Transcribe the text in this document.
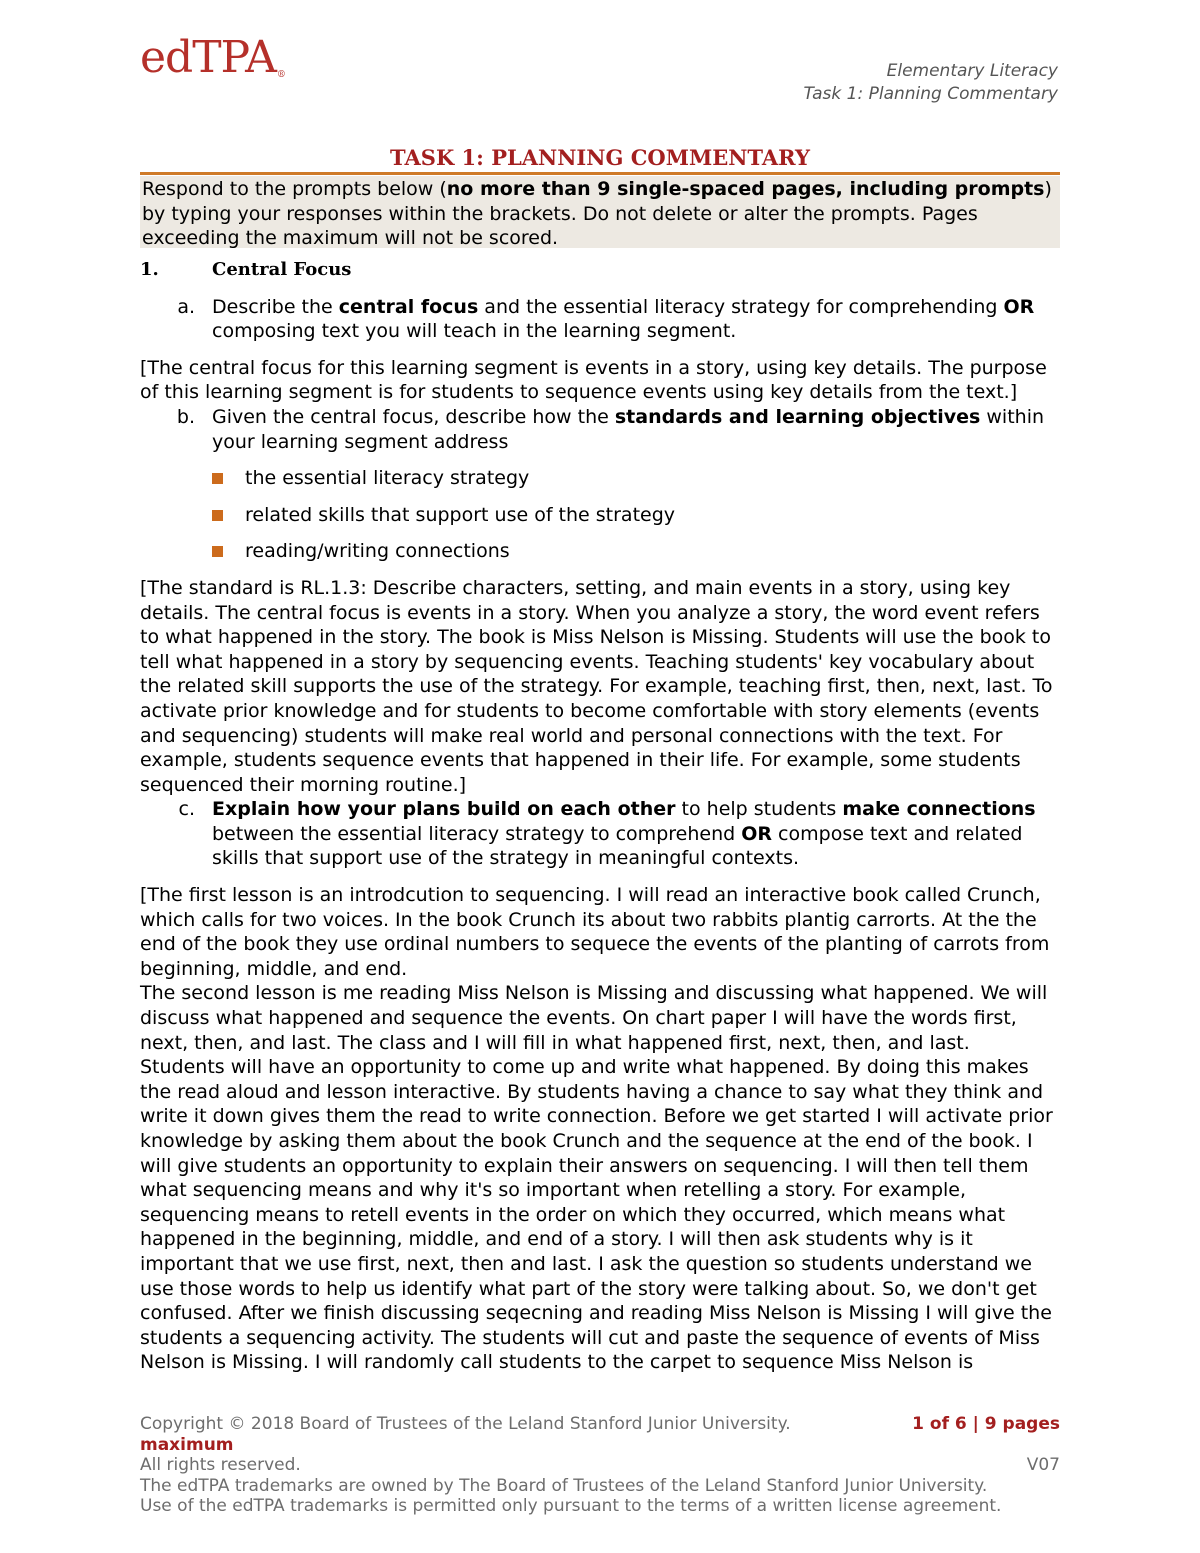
edTPA®	Elementary Literacy
Task 1: Planning Commentary
TASK 1: PLANNING COMMENTARY

Respond to the prompts below (no more than 9 single-spaced pages, including prompts) by typing your responses within the brackets. Do not delete or alter the prompts. Pages exceeding the maximum will not be scored.

1.	Central Focus
a. Describe the central focus and the essential literacy strategy for comprehending OR composing text you will teach in the learning segment.

[The central focus for this learning segment is events in a story, using key details. The purpose of this learning segment is for students to sequence events using key details from the text.]

b. Given the central focus, describe how the standards and learning objectives within your learning segment address
the essential literacy strategy
related skills that support use of the strategy
reading/writing connections

[The standard is RL.1.3: Describe characters, setting, and main events in a story, using key details. The central focus is events in a story. When you analyze a story, the word event refers to what happened in the story. The book is Miss Nelson is Missing. Students will use the book to tell what happened in a story by sequencing events. Teaching students' key vocabulary about the related skill supports the use of the strategy. For example, teaching first, then, next, last. To activate prior knowledge and for students to become comfortable with story elements (events and sequencing) students will make real world and personal connections with the text. For example, students sequence events that happened in their life. For example, some students sequenced their morning routine.]

c. Explain how your plans build on each other to help students make connections between the essential literacy strategy to comprehend OR compose text and related skills that support use of the strategy in meaningful contexts.

[The first lesson is an introdcution to sequencing. I will read an interactive book called Crunch, which calls for two voices. In the book Crunch its about two rabbits plantig carrorts. At the the end of the book they use ordinal numbers to sequece the events of the planting of carrots from beginning, middle, and end.

The second lesson is me reading Miss Nelson is Missing and discussing what happened. We will discuss what happened and sequence the events. On chart paper I will have the words first, next, then, and last. The class and I will fill in what happened first, next, then, and last. Students will have an opportunity to come up and write what happened. By doing this makes the read aloud and lesson interactive. By students having a chance to say what they think and write it down gives them the read to write connection. Before we get started I will activate prior knowledge by asking them about the book Crunch and the sequence at the end of the book. I will give students an opportunity to explain their answers on sequencing. I will then tell them what sequencing means and why it's so important when retelling a story. For example, sequencing means to retell events in the order on which they occurred, which means what happened in the beginning, middle, and end of a story. I will then ask students why is it important that we use first, next, then and last. I ask the question so students understand we use those words to help us identify what part of the story were talking about. So, we don't get confused. After we finish discussing seqecning and reading Miss Nelson is Missing I will give the students a sequencing activity. The students will cut and paste the sequence of events of Miss Nelson is Missing. I will randomly call students to the carpet to sequence Miss Nelson is

Copyright © 2018 Board of Trustees of the Leland Stanford Junior University.	1 of 6 | 9 pages
maximum
All rights reserved.	V07
The edTPA trademarks are owned by The Board of Trustees of the Leland Stanford Junior University.
Use of the edTPA trademarks is permitted only pursuant to the terms of a written license agreement.
